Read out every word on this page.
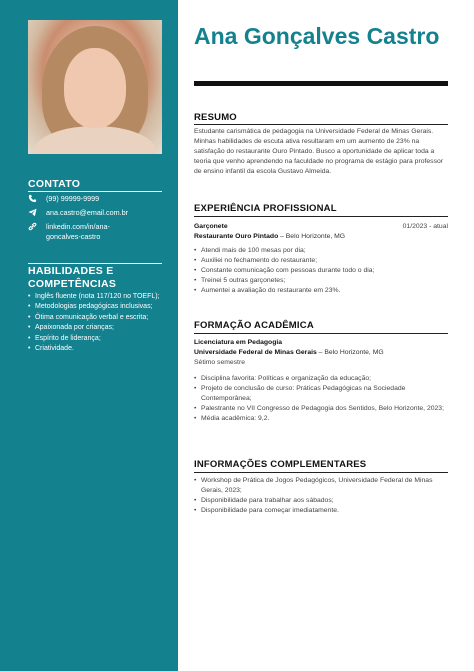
CONTATO
(99) 99999-9999
ana.castro@email.com.br
linkedin.com/in/ana-goncalves-castro
HABILIDADES E COMPETÊNCIAS
• Inglês fluente (nota 117/120 no TOEFL);
• Metodologias pedagógicas inclusivas;
• Ótima comunicação verbal e escrita;
• Apaixonada por crianças;
• Espírito de liderança;
• Criatividade.
Ana Gonçalves Castro
RESUMO
Estudante carismática de pedagogia na Universidade Federal de Minas Gerais. Minhas habilidades de escuta ativa resultaram em um aumento de 23% na satisfação do restaurante Ouro Pintado. Busco a oportunidade de aplicar toda a teoria que venho aprendendo na faculdade no programa de estágio para professor de ensino infantil da escola Gustavo Almeida.
EXPERIÊNCIA PROFISSIONAL
Garçonete	01/2023 - atual
Restaurante Ouro Pintado – Belo Horizonte, MG
• Atendi mais de 100 mesas por dia;
• Auxiliei no fechamento do restaurante;
• Constante comunicação com pessoas durante todo o dia;
• Treinei 5 outras garçonetes;
• Aumentei a avaliação do restaurante em 23%.
FORMAÇÃO ACADÊMICA
Licenciatura em Pedagogia
Universidade Federal de Minas Gerais – Belo Horizonte, MG
Sétimo semestre
• Disciplina favorita: Políticas e organização da educação;
• Projeto de conclusão de curso: Práticas Pedagógicas na Sociedade Contemporânea;
• Palestrante no VII Congresso de Pedagogia dos Sentidos, Belo Horizonte, 2023;
• Média acadêmica: 9,2.
INFORMAÇÕES COMPLEMENTARES
• Workshop de Prática de Jogos Pedagógicos, Universidade Federal de Minas Gerais, 2023;
• Disponibilidade para trabalhar aos sábados;
• Disponibilidade para começar imediatamente.
